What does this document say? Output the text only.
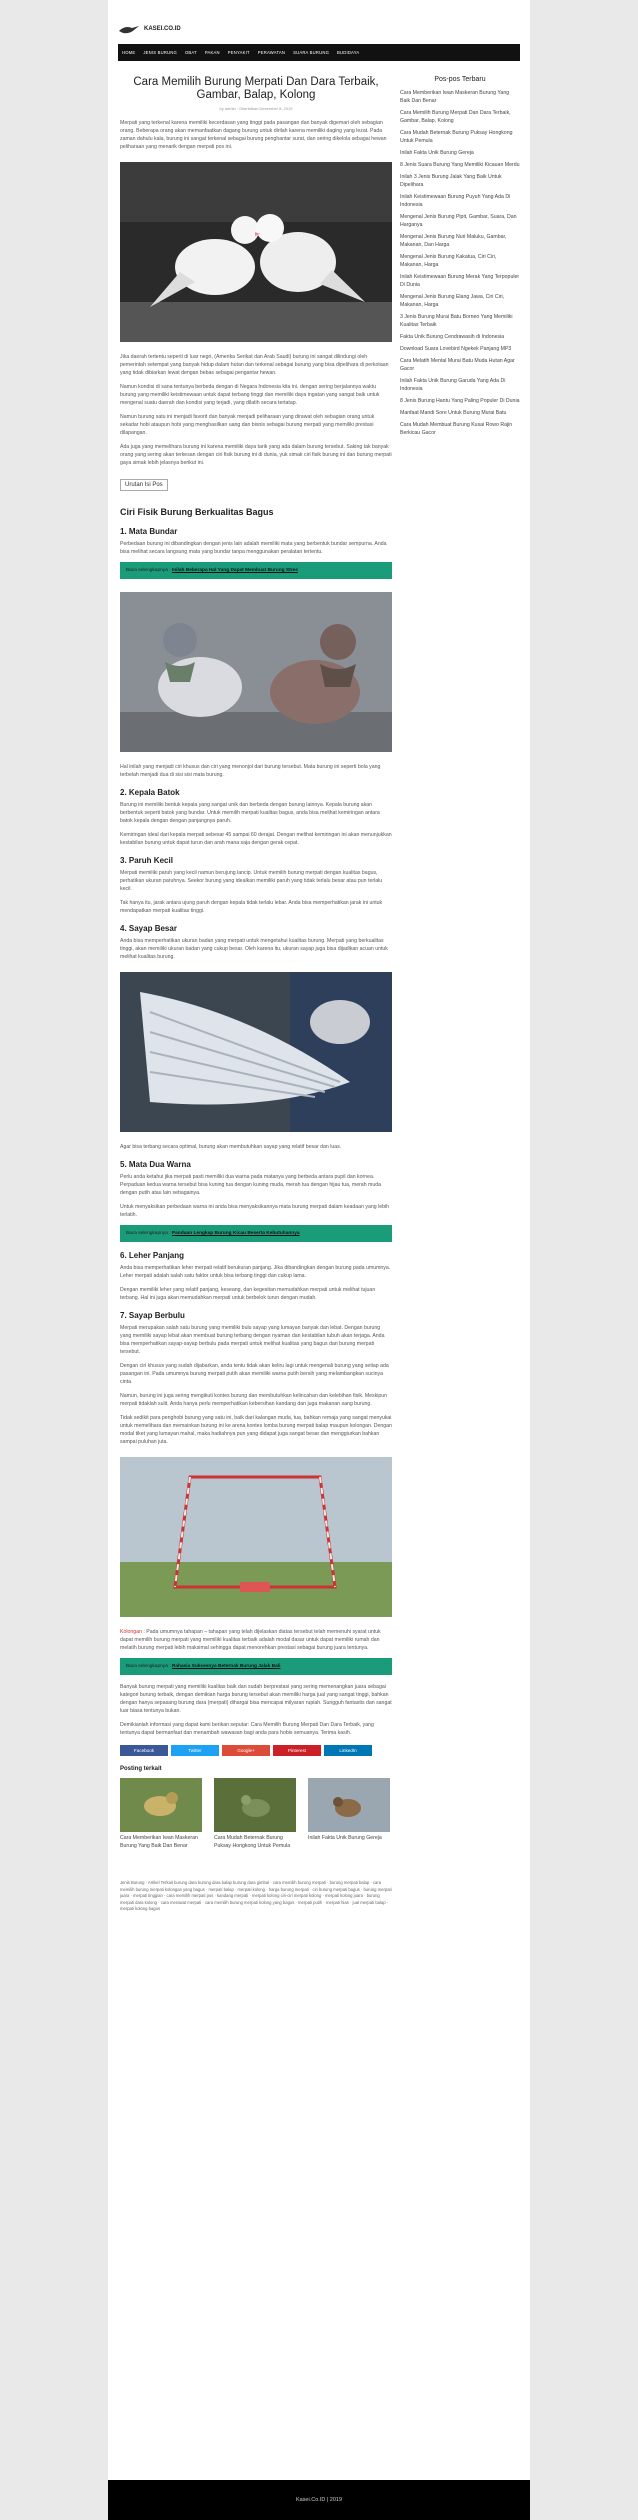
KASEI.CO.ID
HOME JENIS BURUNG OBAT PAKAN PENYAKIT PERAWATAN SUARA BURUNG BUDIDAYA
Cara Memilih Burung Merpati Dan Dara Terbaik, Gambar, Balap, Kolong
by admin · Diterbitkan Desember 8, 2019

Merpati yang terkenal karena memiliki kecerdasan yang tinggi pada pasangan dan banyak digemari oleh sebagian orang. Beberapa orang akan memanfaatkan dagang burung untuk dirilah karena memiliki daging yang lezat. Pada zaman dahulu kala, burung ini sangat terkenal sebagai burung penghantar surat, dan sering dikelola sebagai hewan peliharaan yang menarik dengan merpati pos ini.

Jika daerah tertentu seperti di luar negri, (Amerika Serikat dan Arab Saudi) burung ini sangat dilindungi oleh pemerintah setempat yang banyak hidup dalam hutan dan terkenal sebagai burung yang bisa dipelihara di perkotaan yang tidak dibiarkan lewat dengan bebas sebagai pengantar hewan.

Namun kondisi di sana tentunya berbeda dengan di Negara Indonesia kita ini, dengan sering berjalannya waktu burung yang memiliki keistimewaan untuk dapat terbang tinggi dan memiliki daya ingatan yang sangat baik untuk mengenal suatu daerah dan kondisi yang terjadi, yang dilatih secara tertatap.

Namun burung satu ini menjadi favorit dan banyak menjadi peliharaan yang dirawat oleh sebagian orang untuk sekadar hobi ataupun hobi yang menghasilkan uang dan bisnis sebagai burung merpati yang memiliki prestasi dilapangan.

Ada juga yang memelihara burung ini karena memiliki daya tarik yang ada dalam burung tersebut. Saking tak banyak orang yang sering akan terkesan dengan ciri fisik burung ini di dunia, yuk simak ciri fisik burung ini dan burung merpati gaya simak lebih jelasnya berikut ini.

Urutan Isi Pos
Ciri Fisik Burung Berkualitas Bagus
1. Mata Bundar

Perbedaan burung ini dibandingkan dengan jenis lain adalah memiliki mata yang berbentuk bundar sempurna. Anda bisa melihat secara langsung mata yang bundar tanpa menggunakan peralatan tertentu.

Baca selengkapnya : Inilah Beberapa Hal Yang Dapat Membuat Burung Stres

Hal inilah yang menjadi ciri khusus dan ciri yang menonjol dari burung tersebut. Mata burung ini seperti bola yang terbelah menjadi dua di sisi sisi mata burung.

2. Kepala Batok

Burung ini memiliki bentuk kepala yang sangat unik dan berbeda dengan burung lainnya. Kepala burung akan berbentuk seperti batok yang bundar. Untuk memilih merpati kualitas bagus, anda bisa melihat kemiringan antara batok kepala dengan dengan panjangnya paruh.

Kemiringan ideal dari kepala merpati sebesar 45 sampai 60 derajat. Dengan melihat kemiringan ini akan menunjukkan kestabilan burung untuk dapat turun dan arah mana saja dengan gerak cepat.

3. Paruh Kecil

Merpati memiliki paruh yang kecil namun berujung lancip. Untuk memilih burung merpati dengan kualitas bagus, perhatikan ukuran paruhnya. Seekor burung yang idealkan memiliki paruh yang tidak terlalu besar atau pun terlalu kecil.

Tak hanya itu, jarak antara ujung paruh dengan kepala tidak terlalu lebar. Anda bisa memperhatikan jarak ini untuk mendapatkan merpati kualitas tinggi.

4. Sayap Besar

Anda bisa memperhatikan ukuran badan yang merpati untuk mengetahui kualitas burung. Merpati yang berkualitas tinggi, akan memiliki ukuran badan yang cukup besar. Oleh karena itu, ukuran sayap juga bisa dijadikan acuan untuk melihat kualitas burung.

Agar bisa terbang secara optimal, burung akan membutuhkan sayap yang relatif besar dan luas.

5. Mata Dua Warna

Perlu anda ketahui jika merpati pasti memiliki dua warna pada matanya yang berbeda antara pupil dan kornea. Perpaduan kedua warna tersebut bisa kuning tua dengan kuning muda, merah tua dengan hijau tua, merah muda dengan putih atau lain sebagainya.

Untuk menyaksikan perbedaan warna ini anda bisa menyaksikannya mata burung merpati dalam keadaan yang lebih terlatih.

Baca selengkapnya : Panduan Lengkap Burung Kicau Beserta Kebutuhannya
6. Leher Panjang

Anda bisa memperhatikan leher merpati relatif berukuran panjang. Jika dibandingkan dengan burung pada umumnya. Leher merpati adalah salah satu faktor untuk bisa terbang tinggi dan cukup lama.

Dengan memiliki leher yang relatif panjang, keseang, dan kegesitan memudahkan merpati untuk melihat tujuan terbang. Hal ini juga akan memudahkan merpati untuk berbelok turun dengan mudah.

7. Sayap Berbulu

Merpati merupakan salah satu burung yang memiliki bulu sayap yang lumayan banyak dan lebat. Dengan burung yang memiliki sayap lebat akan membuat burung terbang dengan nyaman dan kestabilan tubuh akan terjaga. Anda bisa memperhatikan sayap-sayap berbulu pada merpati untuk melihat kualitas yang bagus dari burung merpati tersebut.

Dengan ciri khusus yang sudah dijabarkan, anda tentu tidak akan keliru lagi untuk mengenali burung yang setiap ada pasangan ini. Pada umumnya burung merpati putih akan memiliki warna putih bersih yang melambangkan sucinya cinta.

Namun, burung ini juga sering mengikuti kontes burung dan membutuhkan kelincahan dan kelebihan fisik. Meskipun merpati tidaklah sulit. Anda hanya perlu memperhatikan kebersihan kandang dan juga makanan sang burung.

Tidak sedikit para penghobi burung yang satu ini, baik dari kalangan muda, tua, bahkan remaja yang sangat menyukai untuk memelihara dan memainkan burung ini ke arena kontes lomba burung merpati balap maupun kolongan. Dengan modal tiket yang lumayan mahal, maka hadiahnya pun yang didapat juga sangat besar dan menggiurkan bahkan sampai puluhan juta.

Kolongan : Pada umumnya tahapan – tahapan yang telah dijelaskan diatas tersebut telah memenuhi syarat untuk dapat memilih burung merpati yang memiliki kualitas terbaik adalah modal dasar untuk dapat memiliki rumah dan melatih burung merpati lebih maksimal sehingga dapat menorehkan prestasi sebagai burung juara tentunya.

Baca selengkapnya : Rahasia Suksesnya Beternak Burung Jalak Bali

Banyak burung merpati yang memiliki kualitas baik dan sudah berprestasi yang sering memenangkan juara sebagai kategori burung terbaik, dengan demikian harga burung tersebut akan memiliki harga jual yang sangat tinggi, bahkan dengan hanya sepasang burung dara (merpati) dihargai bisa mencapai milyaran rupiah. Sungguh fantastis dan sangat luar biasa tentunya bukan.

Demikianlah informasi yang dapat kami berikan seputar: Cara Memilih Burung Merpati Dan Dara Terbaik, yang tentunya dapat bermanfaat dan menambah wawasan bagi anda para hobis semuanya. Terima kasih.

Facebook	Twitter	Google+	Pinterest	LinkedIn
Posting terkait
Cara Memberikan Iwan Maskeran Burung Yang Baik Dan Benar
Cara Mudah Beternak Burung Puksay Hongkong Untuk Pemula
Inilah Fakta Unik Burung Gereja
Jenis Burung · Artikel Terkait burung dara burung dara balap burung dara gimbal · cara memilih burung merpati · burung merpati balap · cara memilih burung merpati kolongan yang bagus · merpati balap · merpati kolong · harga burung merpati · ciri burung merpati bagus · burung merpati juara · merpati tinggian · cara memilih merpati pos · kandang merpati · merpati kolong ciri-ciri merpati kolong · merpati kolong juara · burung merpati dara kolong · cara merawat merpati · cara memilih burung merpati kolong yang bagus · merpati putih · merpati hias · jual merpati balap · merpati kolong bagus
Pos-pos Terbaru
Cara Memberikan Iwan Maskeran Burung Yang Baik Dan Benar
Cara Memilih Burung Merpati Dan Dara Terbaik, Gambar, Balap, Kolong
Cara Mudah Beternak Burung Puksay Hongkong Untuk Pemula
Inilah Fakta Unik Burung Gereja
8 Jenis Suara Burung Yang Memiliki Kicauan Merdu
Inilah 3 Jenis Burung Jalak Yang Baik Untuk Dipelihara
Inilah Keistimewaan Burung Puyuh Yang Ada Di Indonesia
Mengenal Jenis Burung Pipit, Gambar, Suara, Dan Harganya
Mengenal Jenis Burung Nuri Maluku, Gambar, Makanan, Dan Harga
Mengenal Jenis Burung Kakatua, Ciri Ciri, Makanan, Harga
Inilah Keistimewaan Burung Merak Yang Terpopuler Di Dunia
Mengenal Jenis Burung Elang Jawa, Ciri Ciri, Makanan, Harga
3 Jenis Burung Murai Batu Borneo Yang Memiliki Kualitas Terbaik
Fakta Unik Burung Cendrawasih di Indonesia
Download Suara Lovebird Ngekek Panjang MP3
Cara Melatih Mental Murai Batu Muda Hutan Agar Gacor
Inilah Fakta Unik Burung Garuda Yang Ada Di Indonesia
8 Jenis Burung Hantu Yang Paling Populer Di Dunia
Manfaat Mandi Sore Untuk Burung Murai Batu
Cara Mudah Membuat Burung Kusai Rowo Rajin Berkicau Gacor
Kasei.Co.ID | 2019
